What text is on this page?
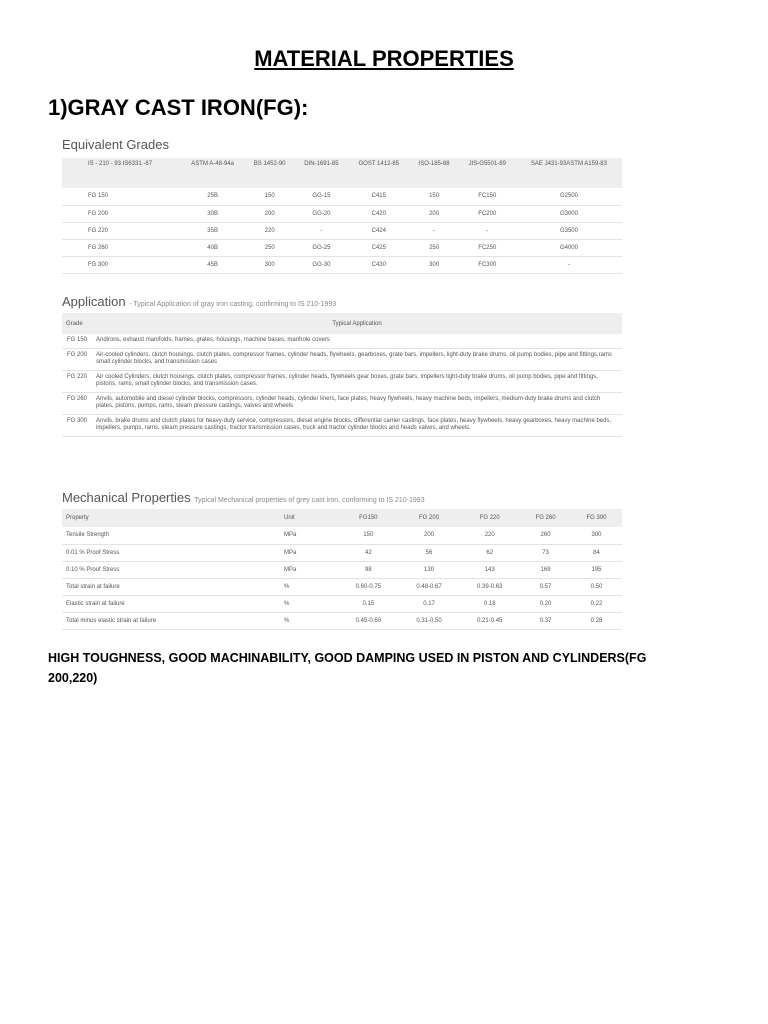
MATERIAL PROPERTIES
1)GRAY CAST IRON(FG):
Equivalent Grades
IS - 210 - 93 IS6331 -87	ASTM A-48-94a	BS 1452-90	DIN-1691-85	GOST 1412-85	ISO-185-88	JIS-G5501-89	SAE J431-93ASTM A159-83
FG 150	25B	150	GG-15	C415	150	FC150	G2500
FG 200	30B	200	GG-20	C420	200	FC200	G3000
FG 220	35B	220	-	C424	-	-	G3500
FG 260	40B	250	GG-25	C425	250	FC250	G4000
FG 300	45B	300	GG-30	C430	300	FC300	-
Application - Typical Application of gray iron casting, confirming to IS 210-1993
Grade	Typical Application
FG 150	Andirons, exhaust manifolds, frames, grates, housings, machine bases, manhole covers
FG 200	Air-cooled cylinders, clutch housings, clutch plates, compressor frames, cylinder heads, flywheels, gearboxes, grate bars, impellers, light-duty brake drums, oil pump bodies, pipe and fittings,rams small cylinder blocks, and transmission cases
FG 220	Air cooled Cylinders, clutch housings, clutch plates, compressor frames, cylinder heads, flywheels gear boxes, grate bars, impellers light-duty brake drums, oil pump bodies, pipe and fittings, pistons, rams, small cylinder blocks, and transmission cases.
FG 260	Anvils, automobile and diesel cylinder blocks, compressors, cylinder heads, cylinder liners, face plates, heavy flywheels, heavy machine beds, impellers, medium-duty brake drums and clutch plates, pistons, pumps, rams, steam pressure castings, valves and wheels
FG 300	Anvils, brake drums and clutch plates for heavy-duty service, compressors, diesel engine blocks, differential carrier castings, face plates, heavy flywheels, heavy gearboxes, heavy machine beds, impellers, pumps, rams, steam pressure castings, tractor transmission cases, truck and tractor cylinder blocks and heads valves, and wheels.
Mechanical Properties Typical Mechanical properties of grey cast iron, conforming to IS 210-1993
Property	Unit	FG150	FG 200	FG 220	FG 260	FG 300
Tensile Strength	MPa	150	200	220	260	300
0.01 % Proof Stress	MPa	42	56	62	73	84
0.10 % Proof Stress	MPa	98	130	143	169	195
Total strain at failure	%	0.60-0.75	0.48-0.67	0.39-0.63	0.57	0.50
Elastic strain at failure	%	0.15	0.17	0.18	0.20	0.22
Total minus elastic strain at failure	%	0.45-0.60	0.31-0.50	0.21-0.45	0.37	0.28
HIGH TOUGHNESS, GOOD MACHINABILITY, GOOD DAMPING USED IN PISTON AND CYLINDERS(FG 200,220)
